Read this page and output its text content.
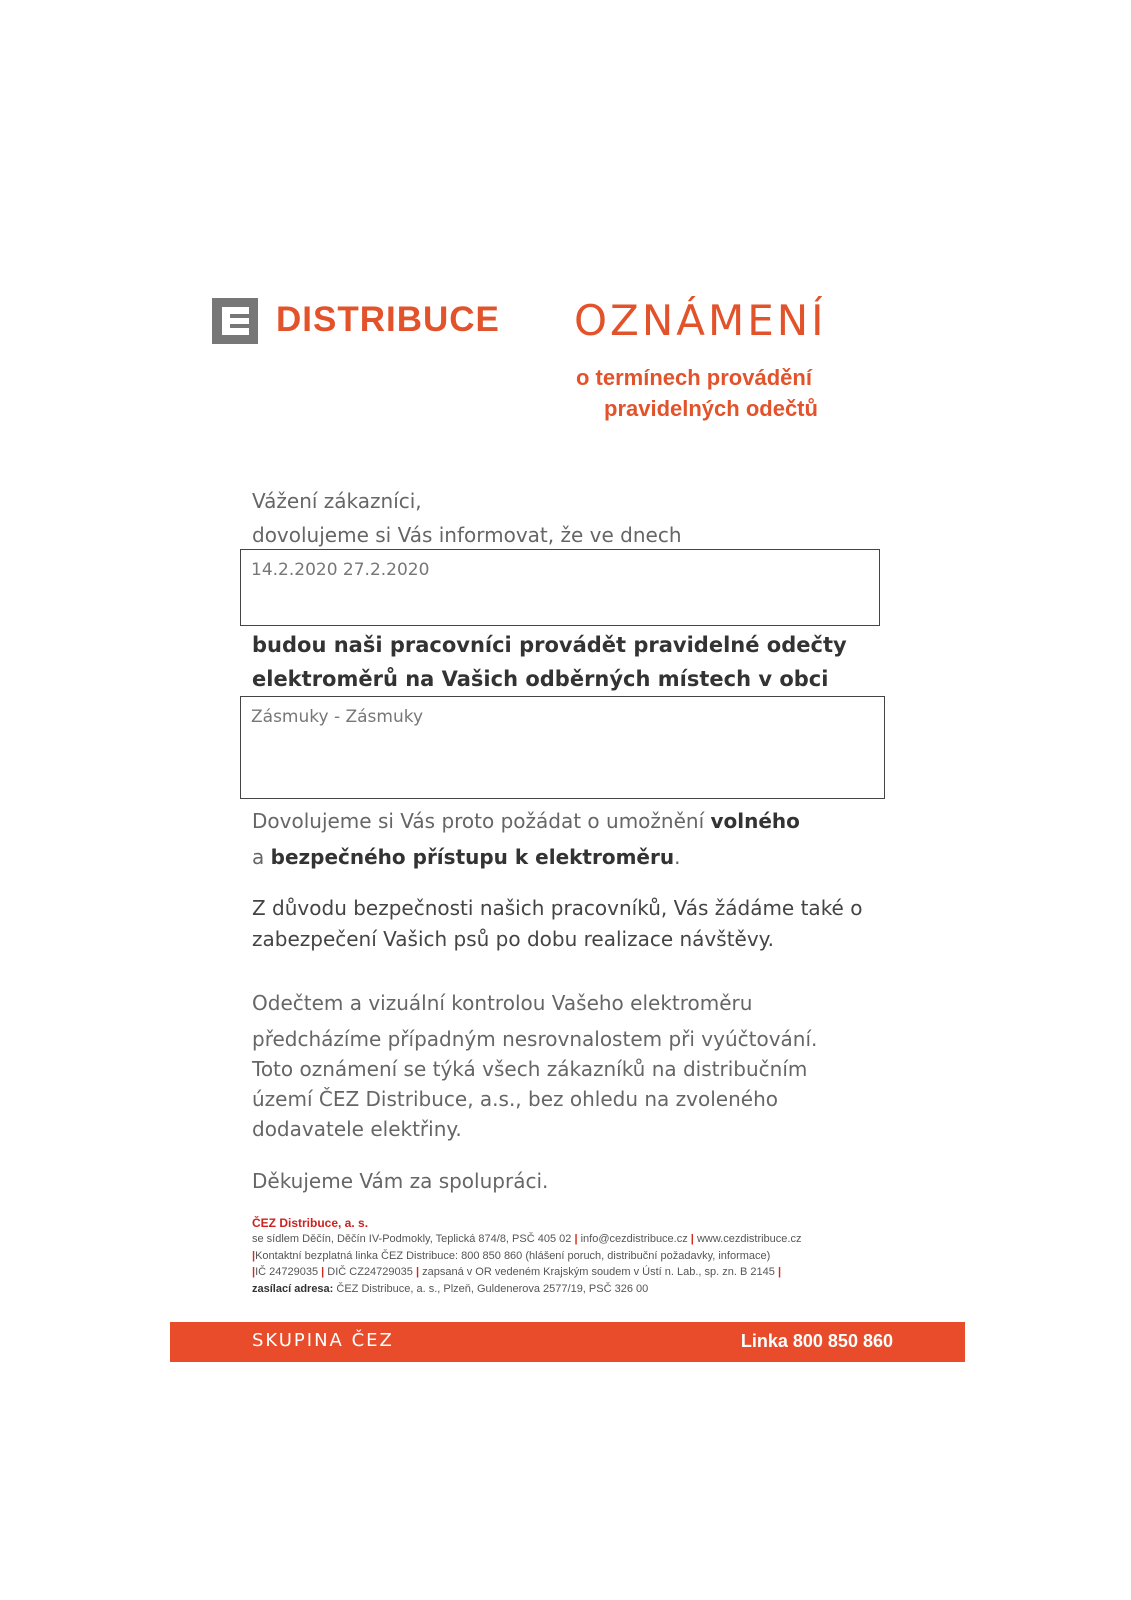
DISTRIBUCE OZNÁMENÍ
o termínech provádění
pravidelných odečtů
Vážení zákazníci,
dovolujeme si Vás informovat, že ve dnech
14.2.2020 27.2.2020
budou naši pracovníci provádět pravidelné odečty
elektroměrů na Vašich odběrných místech v obci
Zásmuky - Zásmuky
Dovolujeme si Vás proto požádat o umožnění volného
a bezpečného přístupu k elektroměru.
Z důvodu bezpečnosti našich pracovníků, Vás žádáme také o
zabezpečení Vašich psů po dobu realizace návštěvy.
Odečtem a vizuální kontrolou Vašeho elektroměru
předcházíme případným nesrovnalostem při vyúčtování.
Toto oznámení se týká všech zákazníků na distribučním
území ČEZ Distribuce, a.s., bez ohledu na zvoleného
dodavatele elektřiny.
Děkujeme Vám za spolupráci.
ČEZ Distribuce, a. s.
se sídlem Děčín, Děčín IV-Podmokly, Teplická 874/8, PSČ 405 02 | info@cezdistribuce.cz | www.cezdistribuce.cz
|Kontaktní bezplatná linka ČEZ Distribuce: 800 850 860 (hlášení poruch, distribuční požadavky, informace)
|IČ 24729035 | DIČ CZ24729035 | zapsaná v OR vedeném Krajským soudem v Ústí n. Lab., sp. zn. B 2145 |
zasílací adresa: ČEZ Distribuce, a. s., Plzeň, Guldenerova 2577/19, PSČ 326 00
SKUPINA ČEZ	Linka 800 850 860
